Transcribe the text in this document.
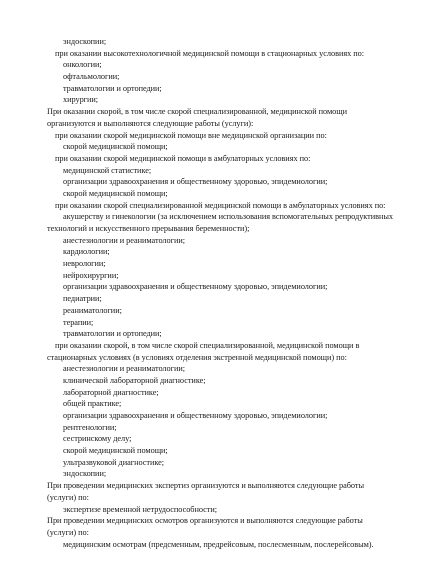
эндоскопии;
при оказании высокотехнологичной медицинской помощи в стационарных условиях по:
онкологии;
офтальмологии;
травматологии и ортопедии;
хирургии;
При оказании скорой, в том числе скорой специализированной, медицинской помощи
организуются и выполняются следующие работы (услуги):
при оказании скорой медицинской помощи вне медицинской организации по:
скорой медицинской помощи;
при оказании скорой медицинской помощи в амбулаторных условиях по:
медицинской статистике;
организации здравоохранения и общественному здоровью, эпидемиологии;
скорой медицинской помощи;
при оказании скорой специализированной медицинской помощи в амбулаторных условиях по:
акушерству и гинекологии (за исключением использования вспомогательных репродуктивных
технологий и искусственного прерывания беременности);
анестезиологии и реаниматологии;
кардиологии;
неврологии;
нейрохирургии;
организации здравоохранения и общественному здоровью, эпидемиологии;
педиатрии;
реаниматологии;
терапии;
травматологии и ортопедии;
при оказании скорой, в том числе скорой специализированной, медицинской помощи в
стационарных условиях (в условиях отделения экстренной медицинской помощи) по:
анестезиологии и реаниматологии;
клинической лабораторной диагностике;
лабораторной диагностике;
общей практике;
организации здравоохранения и общественному здоровью, эпидемиологии;
рентгенологии;
сестринскому делу;
скорой медицинской помощи;
ультразвуковой диагностике;
эндоскопии;
При проведении медицинских экспертиз организуются и выполняются следующие работы
(услуги) по:
экспертизе временной нетрудоспособности;
При проведении медицинских осмотров организуются и выполняются следующие работы
(услуги) по:
медицинским осмотрам (предсменным, предрейсовым, послесменным, послерейсовым).
